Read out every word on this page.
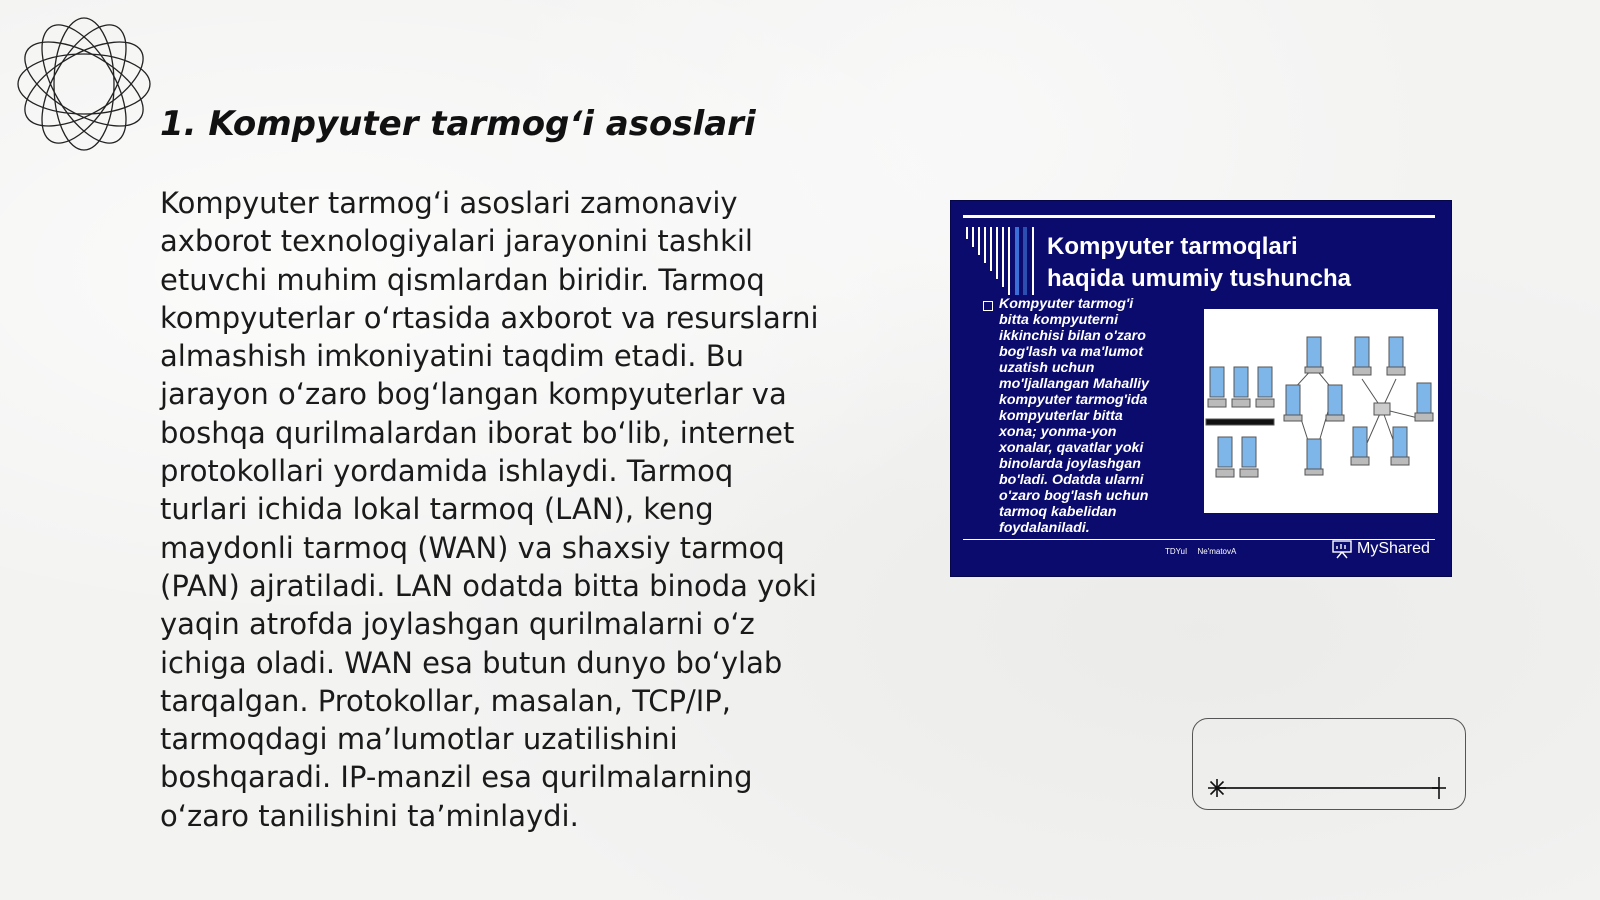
1. Kompyuter tarmog‘i asoslari

Kompyuter tarmog‘i asoslari zamonaviy
axborot texnologiyalari jarayonini tashkil
etuvchi muhim qismlardan biridir. Tarmoq
kompyuterlar o‘rtasida axborot va resurslarni
almashish imkoniyatini taqdim etadi. Bu
jarayon o‘zaro bog‘langan kompyuterlar va
boshqa qurilmalardan iborat bo‘lib, internet
protokollari yordamida ishlaydi. Tarmoq
turlari ichida lokal tarmoq (LAN), keng
maydonli tarmoq (WAN) va shaxsiy tarmoq
(PAN) ajratiladi. LAN odatda bitta binoda yoki
yaqin atrofda joylashgan qurilmalarni o‘z
ichiga oladi. WAN esa butun dunyo bo‘ylab
tarqalgan. Protokollar, masalan, TCP/IP,
tarmoqdagi ma’lumotlar uzatilishini
boshqaradi. IP-manzil esa qurilmalarning
o‘zaro tanilishini ta’minlaydi.

Kompyuter tarmoqlari
haqida umumiy tushuncha
Kompyuter tarmog'i
bitta kompyuterni
ikkinchisi bilan o'zaro
bog'lash va ma'lumot
uzatish uchun
mo'ljallangan Mahalliy
kompyuter tarmog'ida
kompyuterlar bitta
xona; yonma-yon
xonalar, qavatlar yoki
binolarda joylashgan
bo'ladi. Odatda ularni
o'zaro bog'lash uchun
tarmoq kabelidan
foydalaniladi.
TDYuI Ne'matovA	MyShared
